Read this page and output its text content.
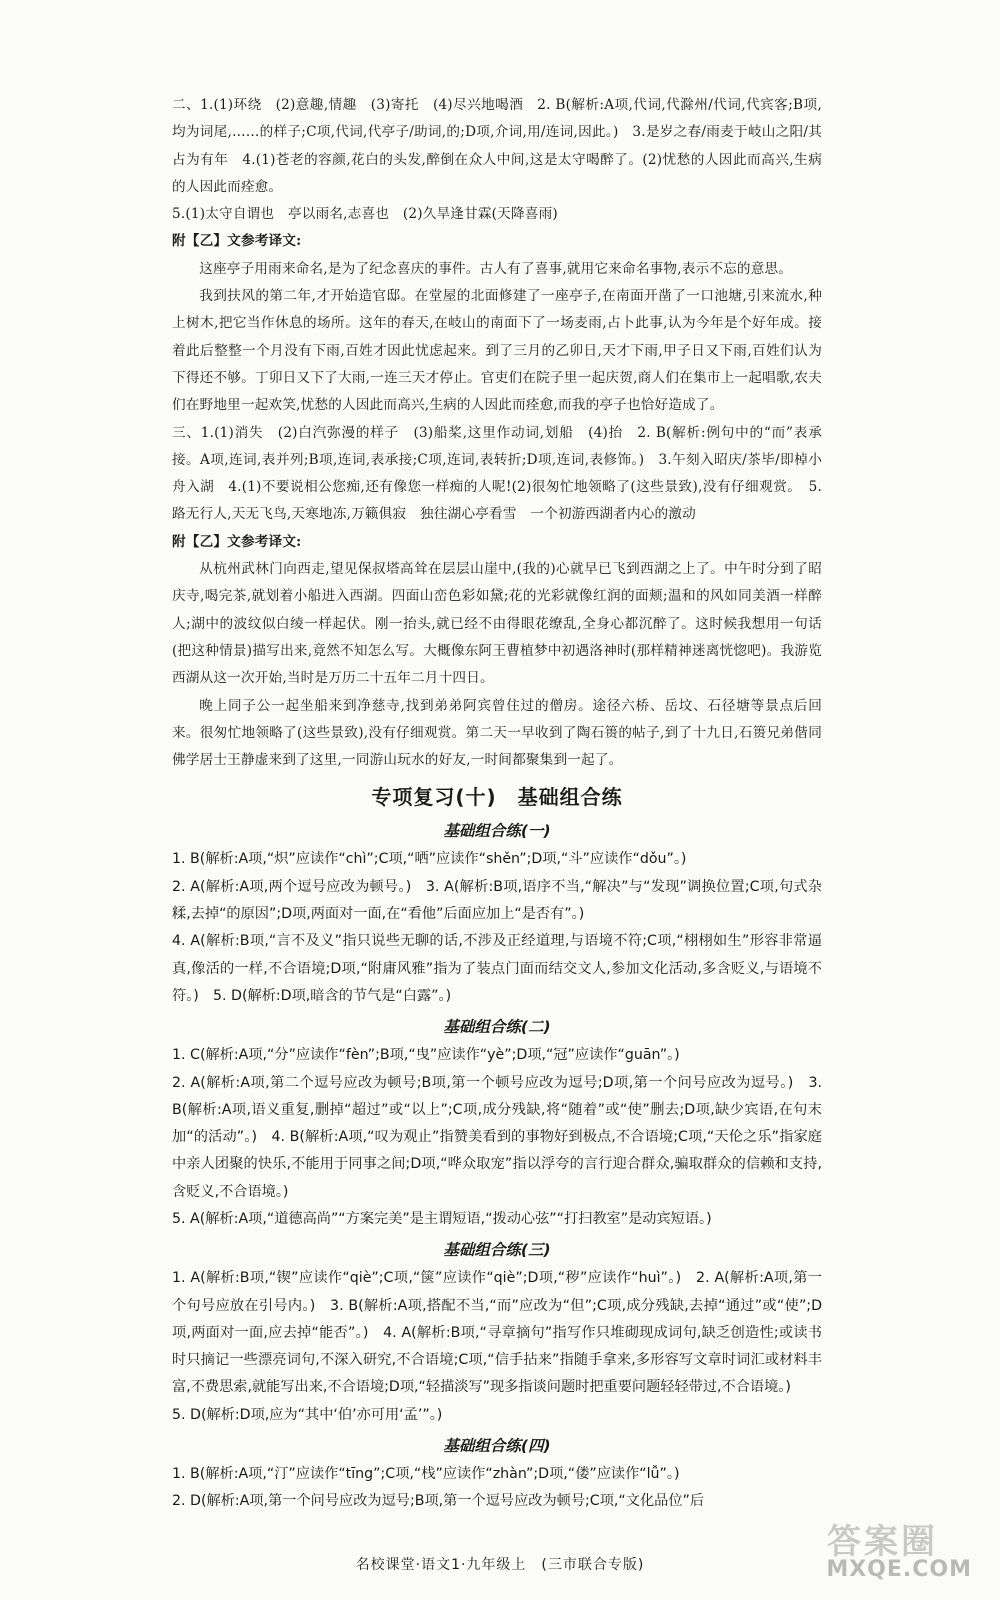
二、1.(1)环绕　(2)意趣,情趣　(3)寄托　(4)尽兴地喝酒　2. B(解析:A项,代词,代滁州/代词,代宾客;B项,均为词尾,……的样子;C项,代词,代亭子/助词,的;D项,介词,用/连词,因此。)　3.是岁之春/雨麦于岐山之阳/其占为有年　4.(1)苍老的容颜,花白的头发,醉倒在众人中间,这是太守喝醉了。(2)忧愁的人因此而高兴,生病的人因此而痊愈。

5.(1)太守自谓也　亭以雨名,志喜也　(2)久旱逢甘霖(天降喜雨)

附【乙】文参考译文:

这座亭子用雨来命名,是为了纪念喜庆的事件。古人有了喜事,就用它来命名事物,表示不忘的意思。

我到扶风的第二年,才开始造官邸。在堂屋的北面修建了一座亭子,在南面开凿了一口池塘,引来流水,种上树木,把它当作休息的场所。这年的春天,在岐山的南面下了一场麦雨,占卜此事,认为今年是个好年成。接着此后整整一个月没有下雨,百姓才因此忧虑起来。到了三月的乙卯日,天才下雨,甲子日又下雨,百姓们认为下得还不够。丁卯日又下了大雨,一连三天才停止。官吏们在院子里一起庆贺,商人们在集市上一起唱歌,农夫们在野地里一起欢笑,忧愁的人因此而高兴,生病的人因此而痊愈,而我的亭子也恰好造成了。

三、1.(1)消失　(2)白汽弥漫的样子　(3)船桨,这里作动词,划船　(4)抬　2. B(解析:例句中的“而”表承接。A项,连词,表并列;B项,连词,表承接;C项,连词,表转折;D项,连词,表修饰。)　3.午刻入昭庆/茶毕/即棹小舟入湖　4.(1)不要说相公您痴,还有像您一样痴的人呢!(2)很匆忙地领略了(这些景致),没有仔细观赏。　5.路无行人,天无飞鸟,天寒地冻,万籁俱寂　独往湖心亭看雪　一个初游西湖者内心的激动

附【乙】文参考译文:

从杭州武林门向西走,望见保叔塔高耸在层层山崖中,(我的)心就早已飞到西湖之上了。中午时分到了昭庆寺,喝完茶,就划着小船进入西湖。四面山峦色彩如黛;花的光彩就像红润的面颊;温和的风如同美酒一样醉人;湖中的波纹似白绫一样起伏。刚一抬头,就已经不由得眼花缭乱,全身心都沉醉了。这时候我想用一句话(把这种情景)描写出来,竟然不知怎么写。大概像东阿王曹植梦中初遇洛神时(那样精神迷离恍惚吧)。我游览西湖从这一次开始,当时是万历二十五年二月十四日。

晚上同子公一起坐船来到净慈寺,找到弟弟阿宾曾住过的僧房。途径六桥、岳坟、石径塘等景点后回来。很匆忙地领略了(这些景致),没有仔细观赏。第二天一早收到了陶石篑的帖子,到了十九日,石篑兄弟偕同佛学居士王静虚来到了这里,一同游山玩水的好友,一时间都聚集到一起了。

专项复习(十)　基础组合练
基础组合练(一)

1. B(解析:A项,“炽”应读作“chì”;C项,“哂”应读作“shěn”;D项,“斗”应读作“dǒu”。)

2. A(解析:A项,两个逗号应改为顿号。)　3. A(解析:B项,语序不当,“解决”与“发现”调换位置;C项,句式杂糅,去掉“的原因”;D项,两面对一面,在“看他”后面应加上“是否有”。)

4. A(解析:B项,“言不及义”指只说些无聊的话,不涉及正经道理,与语境不符;C项,“栩栩如生”形容非常逼真,像活的一样,不合语境;D项,“附庸风雅”指为了装点门面而结交文人,参加文化活动,多含贬义,与语境不符。)　5. D(解析:D项,暗含的节气是“白露”。)

基础组合练(二)

1. C(解析:A项,“分”应读作“fèn”;B项,“曳”应读作“yè”;D项,“冠”应读作“guān”。)

2. A(解析:A项,第二个逗号应改为顿号;B项,第一个顿号应改为逗号;D项,第一个问号应改为逗号。)　3. B(解析:A项,语义重复,删掉“超过”或“以上”;C项,成分残缺,将“随着”或“使”删去;D项,缺少宾语,在句末加“的活动”。)　4. B(解析:A项,“叹为观止”指赞美看到的事物好到极点,不合语境;C项,“天伦之乐”指家庭中亲人团聚的快乐,不能用于同事之间;D项,“哗众取宠”指以浮夸的言行迎合群众,骗取群众的信赖和支持,含贬义,不合语境。)

5. A(解析:A项,“道德高尚”“方案完美”是主谓短语,“拨动心弦”“打扫教室”是动宾短语。)

基础组合练(三)

1. A(解析:B项,“锲”应读作“qiè”;C项,“箧”应读作“qiè”;D项,“秽”应读作“huì”。)　2. A(解析:A项,第一个句号应放在引号内。)　3. B(解析:A项,搭配不当,“而”应改为“但”;C项,成分残缺,去掉“通过”或“使”;D项,两面对一面,应去掉“能否”。)　4. A(解析:B项,“寻章摘句”指写作只堆砌现成词句,缺乏创造性;或读书时只摘记一些漂亮词句,不深入研究,不合语境;C项,“信手拈来”指随手拿来,多形容写文章时词汇或材料丰富,不费思索,就能写出来,不合语境;D项,“轻描淡写”现多指谈问题时把重要问题轻轻带过,不合语境。)

5. D(解析:D项,应为“其中‘伯’亦可用‘孟’”。)

基础组合练(四)

1. B(解析:A项,“汀”应读作“tīng”;C项,“栈”应读作“zhàn”;D项,“偻”应读作“lǚ”。)

2. D(解析:A项,第一个问号应改为逗号;B项,第一个逗号应改为顿号;C项,“文化品位”后

名校课堂·语文1·九年级上　(三市联合专版)
答案圈
MXQE.COM
